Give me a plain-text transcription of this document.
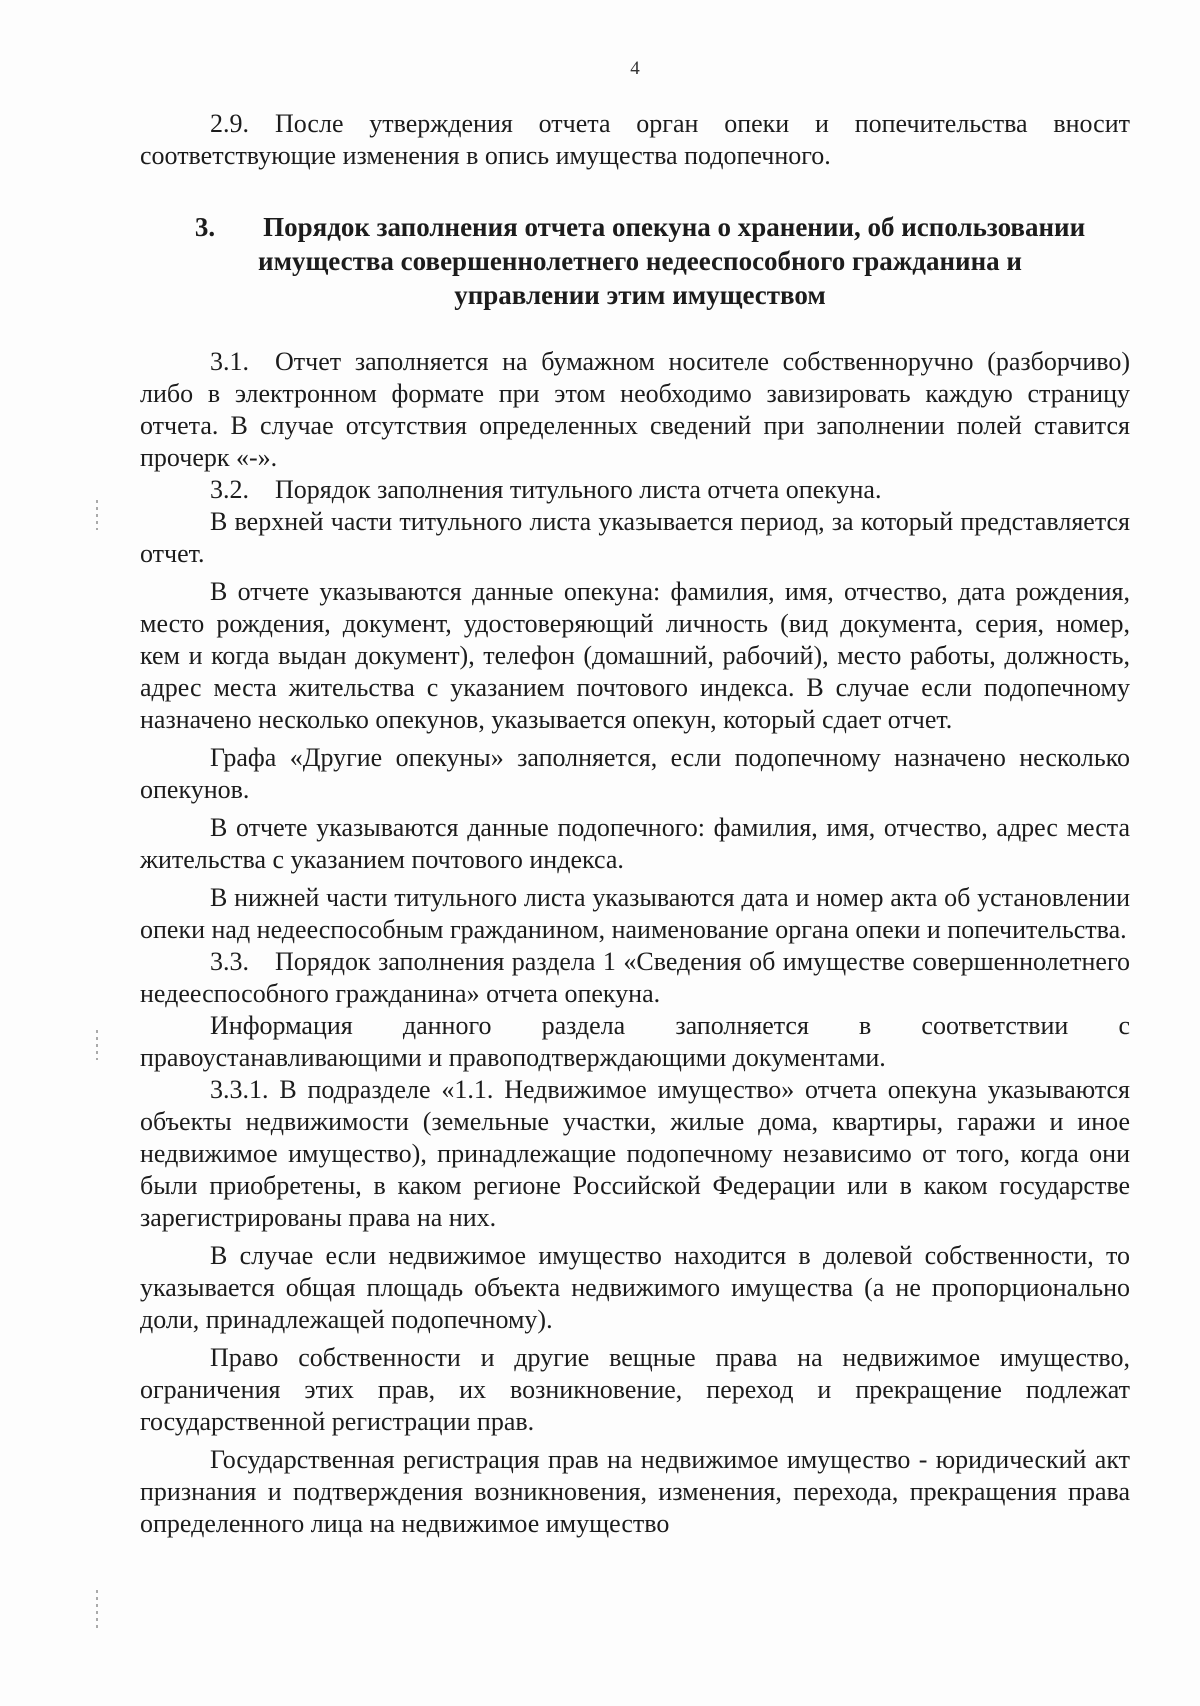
4

2.9. После утверждения отчета орган опеки и попечительства вносит соответствующие изменения в опись имущества подопечного.

3. Порядок заполнения отчета опекуна о хранении, об использовании имущества совершеннолетнего недееспособного гражданина и управлении этим имуществом

3.1. Отчет заполняется на бумажном носителе собственноручно (разборчиво) либо в электронном формате при этом необходимо завизировать каждую страницу отчета. В случае отсутствия определенных сведений при заполнении полей ставится прочерк «-».

3.2. Порядок заполнения титульного листа отчета опекуна.

В верхней части титульного листа указывается период, за который представляется отчет.

В отчете указываются данные опекуна: фамилия, имя, отчество, дата рождения, место рождения, документ, удостоверяющий личность (вид документа, серия, номер, кем и когда выдан документ), телефон (домашний, рабочий), место работы, должность, адрес места жительства с указанием почтового индекса. В случае если подопечному назначено несколько опекунов, указывается опекун, который сдает отчет.

Графа «Другие опекуны» заполняется, если подопечному назначено несколько опекунов.

В отчете указываются данные подопечного: фамилия, имя, отчество, адрес места жительства с указанием почтового индекса.

В нижней части титульного листа указываются дата и номер акта об установлении опеки над недееспособным гражданином, наименование органа опеки и попечительства.

3.3. Порядок заполнения раздела 1 «Сведения об имуществе совершеннолетнего недееспособного гражданина» отчета опекуна.

Информация данного раздела заполняется в соответствии с правоустанавливающими и правоподтверждающими документами.

3.3.1. В подразделе «1.1. Недвижимое имущество» отчета опекуна указываются объекты недвижимости (земельные участки, жилые дома, квартиры, гаражи и иное недвижимое имущество), принадлежащие подопечному независимо от того, когда они были приобретены, в каком регионе Российской Федерации или в каком государстве зарегистрированы права на них.

В случае если недвижимое имущество находится в долевой собственности, то указывается общая площадь объекта недвижимого имущества (а не пропорционально доли, принадлежащей подопечному).

Право собственности и другие вещные права на недвижимое имущество, ограничения этих прав, их возникновение, переход и прекращение подлежат государственной регистрации прав.

Государственная регистрация прав на недвижимое имущество - юридический акт признания и подтверждения возникновения, изменения, перехода, прекращения права определенного лица на недвижимое имущество
